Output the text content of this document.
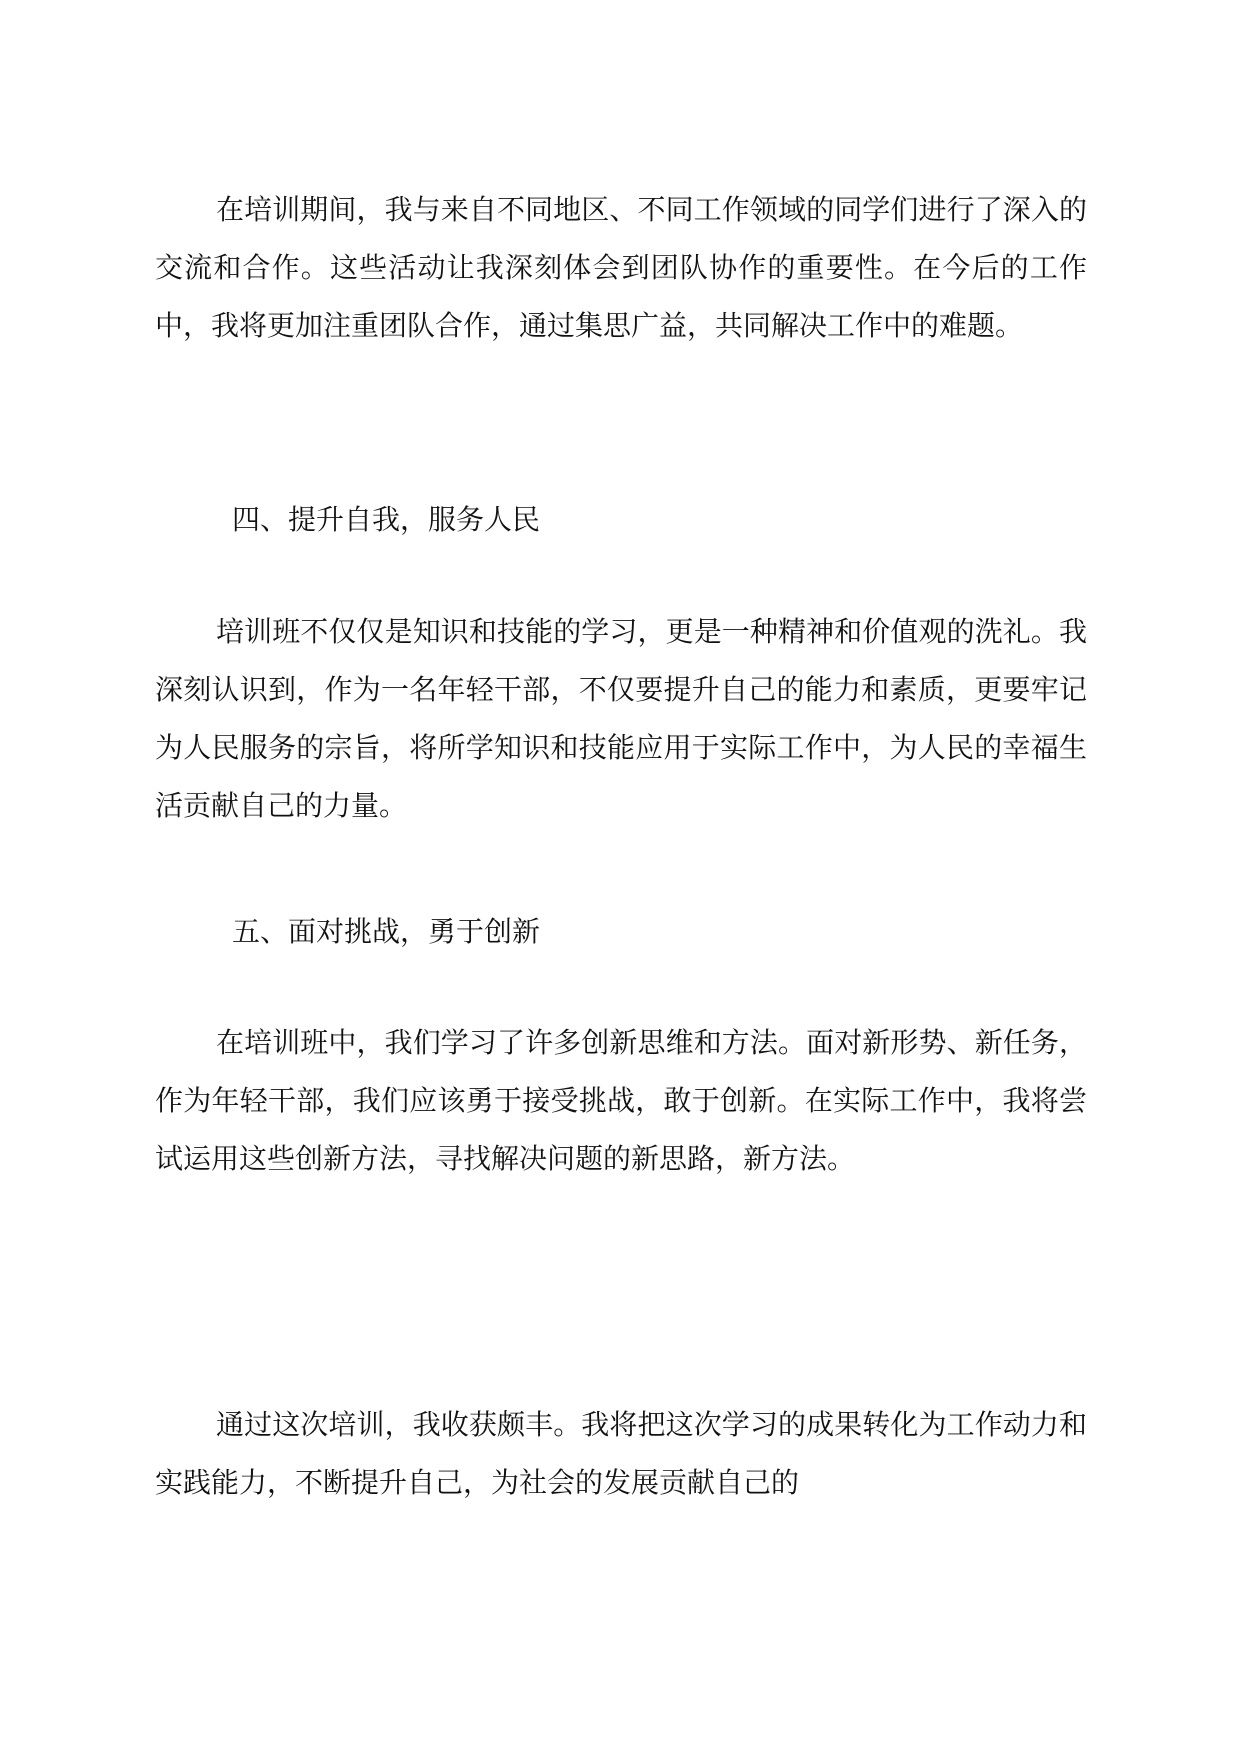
在培训期间，我与来自不同地区、不同工作领域的同学们进行了深入的交流和合作。这些活动让我深刻体会到团队协作的重要性。在今后的工作中，我将更加注重团队合作，通过集思广益，共同解决工作中的难题。

四、提升自我，服务人民

培训班不仅仅是知识和技能的学习，更是一种精神和价值观的洗礼。我深刻认识到，作为一名年轻干部，不仅要提升自己的能力和素质，更要牢记为人民服务的宗旨，将所学知识和技能应用于实际工作中，为人民的幸福生活贡献自己的力量。

五、面对挑战，勇于创新

在培训班中，我们学习了许多创新思维和方法。面对新形势、新任务，作为年轻干部，我们应该勇于接受挑战，敢于创新。在实际工作中，我将尝试运用这些创新方法，寻找解决问题的新思路，新方法。

通过这次培训，我收获颇丰。我将把这次学习的成果转化为工作动力和实践能力，不断提升自己，为社会的发展贡献自己的
